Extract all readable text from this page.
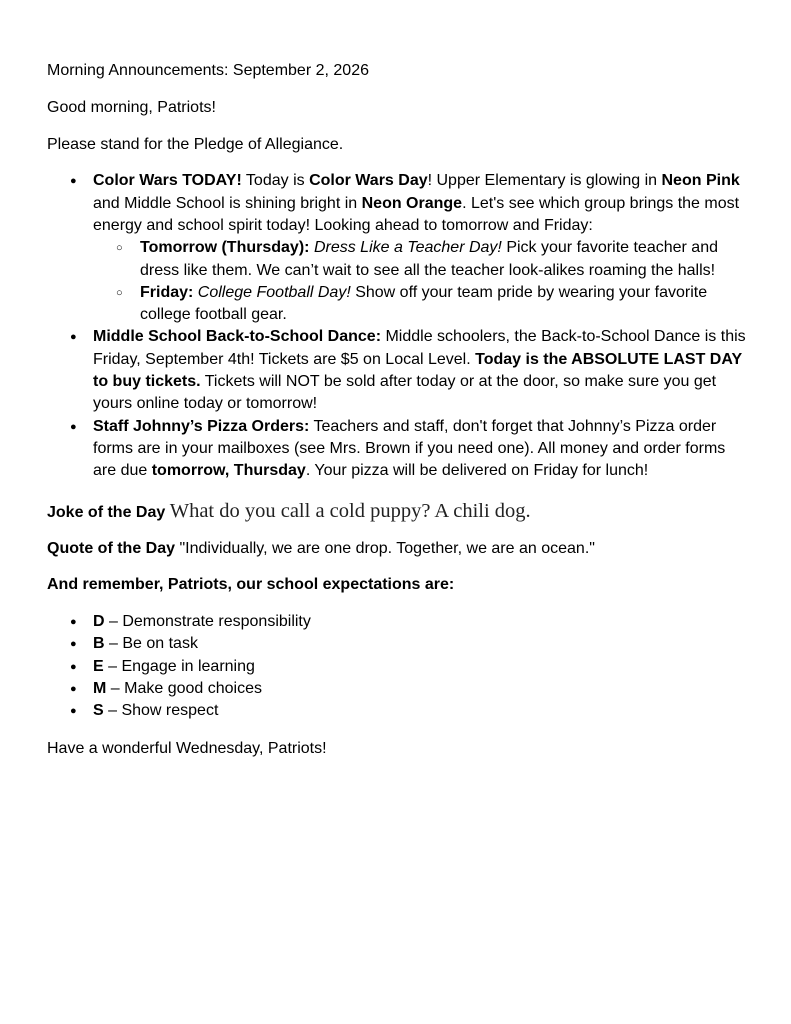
Morning Announcements: September 2, 2026

Good morning, Patriots!

Please stand for the Pledge of Allegiance.

● Color Wars TODAY! Today is Color Wars Day! Upper Elementary is glowing in Neon Pink and Middle School is shining bright in Neon Orange. Let's see which group brings the most energy and school spirit today! Looking ahead to tomorrow and Friday:
○ Tomorrow (Thursday): Dress Like a Teacher Day! Pick your favorite teacher and dress like them. We can’t wait to see all the teacher look-alikes roaming the halls!
○ Friday: College Football Day! Show off your team pride by wearing your favorite college football gear.
● Middle School Back-to-School Dance: Middle schoolers, the Back-to-School Dance is this Friday, September 4th! Tickets are $5 on Local Level. Today is the ABSOLUTE LAST DAY to buy tickets. Tickets will NOT be sold after today or at the door, so make sure you get yours online today or tomorrow!
● Staff Johnny’s Pizza Orders: Teachers and staff, don't forget that Johnny’s Pizza order forms are in your mailboxes (see Mrs. Brown if you need one). All money and order forms are due tomorrow, Thursday. Your pizza will be delivered on Friday for lunch!

Joke of the Day What do you call a cold puppy? A chili dog.

Quote of the Day "Individually, we are one drop. Together, we are an ocean."

And remember, Patriots, our school expectations are:

● D – Demonstrate responsibility
● B – Be on task
● E – Engage in learning
● M – Make good choices
● S – Show respect

Have a wonderful Wednesday, Patriots!
